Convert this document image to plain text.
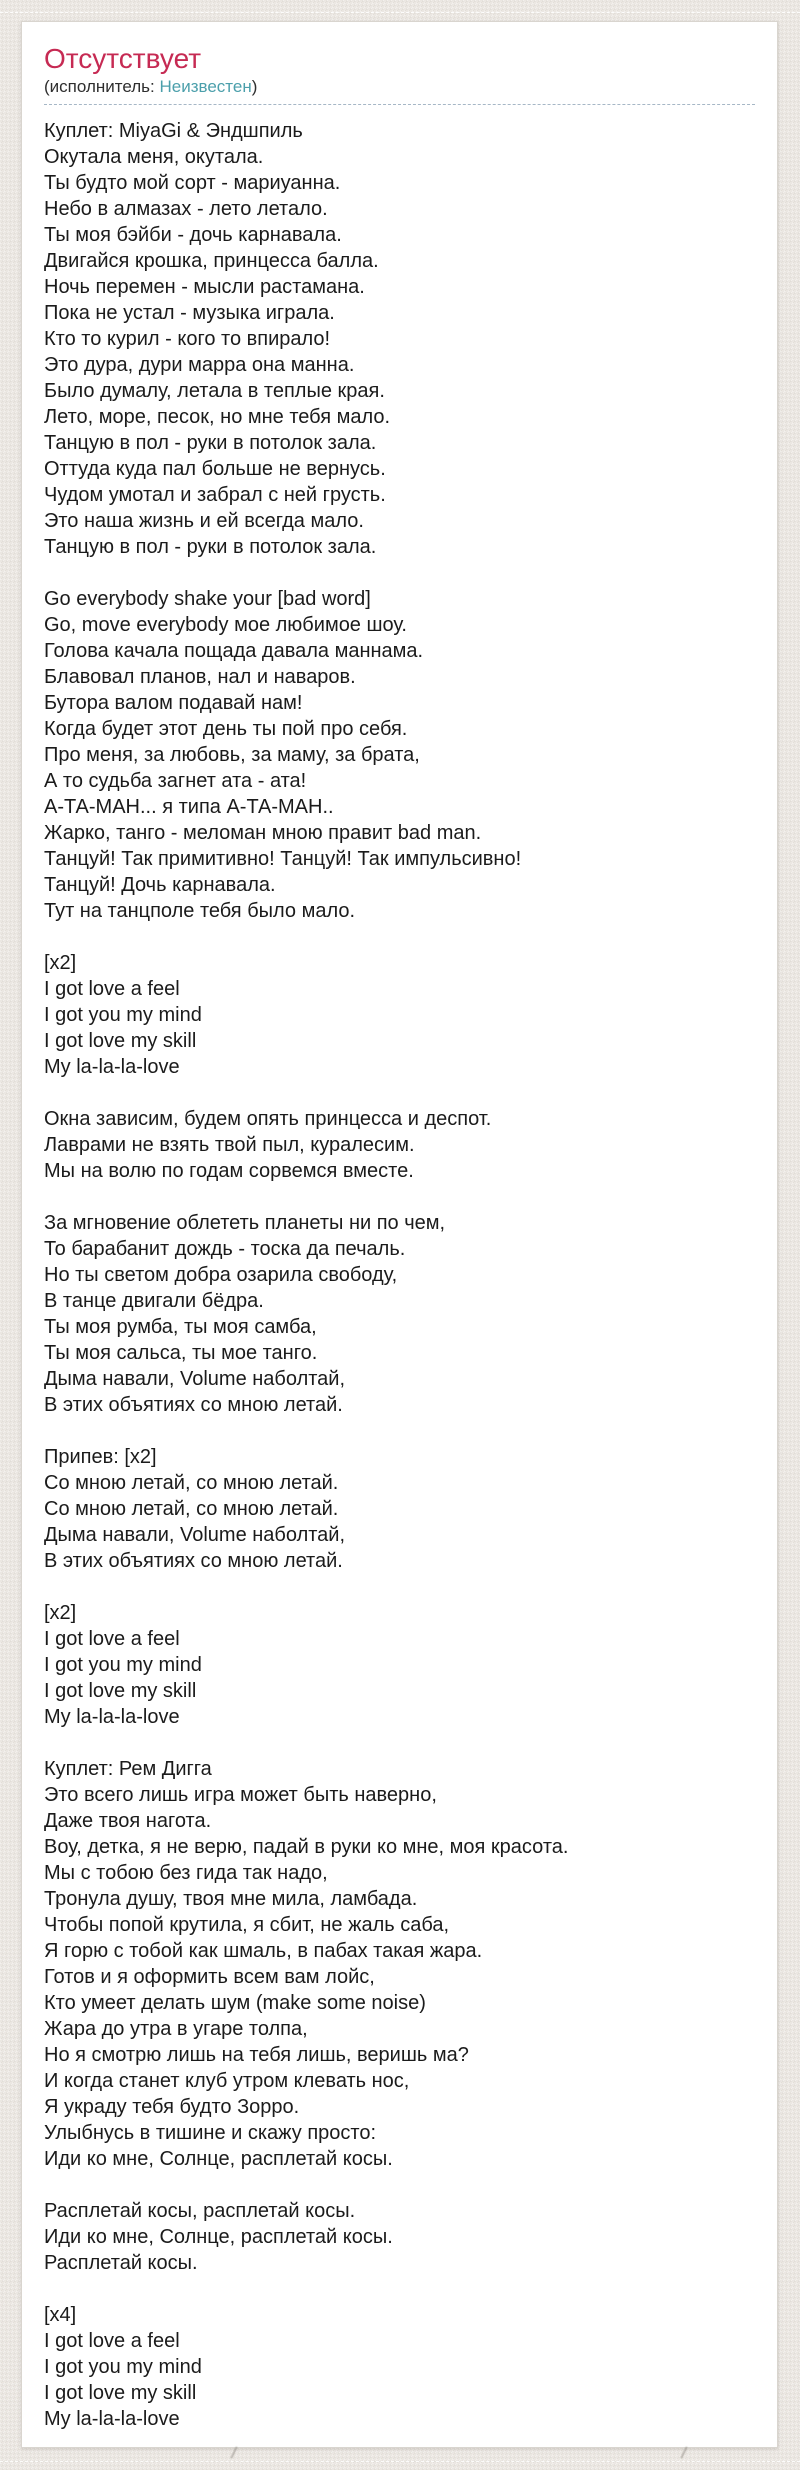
Отсутствует
(исполнитель: Неизвестен)
Куплет: MiyaGi & Эндшпиль
Окутала меня, окутала.
Ты будто мой сорт - мариуанна.
Небо в алмазах - лето летало.
Ты моя бэйби - дочь карнавала.
Двигайся крошка, принцесса балла.
Ночь перемен - мысли растамана.
Пока не устал - музыка играла.
Кто то курил - кого то впирало!
Это дура, дури марра она манна.
Было думалу, летала в теплые края.
Лето, море, песок, но мне тебя мало.
Танцую в пол - руки в потолок зала.
Оттуда куда пал больше не вернусь.
Чудом умотал и забрал с ней грусть.
Это наша жизнь и ей всегда мало.
Танцую в пол - руки в потолок зала.
Go everybody shake your [bad word]
Go, move everybody мое любимое шоу.
Голова качала пощада давала маннама.
Блавовал планов, нал и наваров.
Бутора валом подавай нам!
Когда будет этот день ты пой про себя.
Про меня, за любовь, за маму, за брата,
А то судьба загнет ата - ата!
А-ТА-МАН... я типа А-ТА-МАН..
Жарко, танго - меломан мною правит bad man.
Танцуй! Так примитивно! Танцуй! Так импульсивно!
Танцуй! Дочь карнавала.
Тут на танцполе тебя было мало.
[x2]
I got love a feel
I got you my mind
I got love my skill
My la-la-la-love
Окна зависим, будем опять принцесса и деспот.
Лаврами не взять твой пыл, куралесим.
Мы на волю по годам сорвемся вместе.
За мгновение облететь планеты ни по чем,
То барабанит дождь - тоска да печаль.
Но ты светом добра озарила свободу,
В танце двигали бёдра.
Ты моя румба, ты моя самба,
Ты моя сальса, ты мое танго.
Дыма навали, Volume наболтай,
В этих объятиях со мною летай.
Припев: [x2]
Со мною летай, со мною летай.
Со мною летай, со мною летай.
Дыма навали, Volume наболтай,
В этих объятиях со мною летай.
[x2]
I got love a feel
I got you my mind
I got love my skill
My la-la-la-love
Куплет: Рем Дигга
Это всего лишь игра может быть наверно,
Даже твоя нагота.
Воу, детка, я не верю, падай в руки ко мне, моя красота.
Мы с тобою без гида так надо,
Тронула душу, твоя мне мила, ламбада.
Чтобы попой крутила, я сбит, не жаль саба,
Я горю с тобой как шмаль, в пабах такая жара.
Готов и я оформить всем вам лойс,
Кто умеет делать шум (make some noise)
Жара до утра в угаре толпа,
Но я смотрю лишь на тебя лишь, веришь ма?
И когда станет клуб утром клевать нос,
Я украду тебя будто Зорро.
Улыбнусь в тишине и скажу просто:
Иди ко мне, Солнце, расплетай косы.
Расплетай косы, расплетай косы.
Иди ко мне, Солнце, расплетай косы.
Расплетай косы.
[x4]
I got love a feel
I got you my mind
I got love my skill
My la-la-la-love
